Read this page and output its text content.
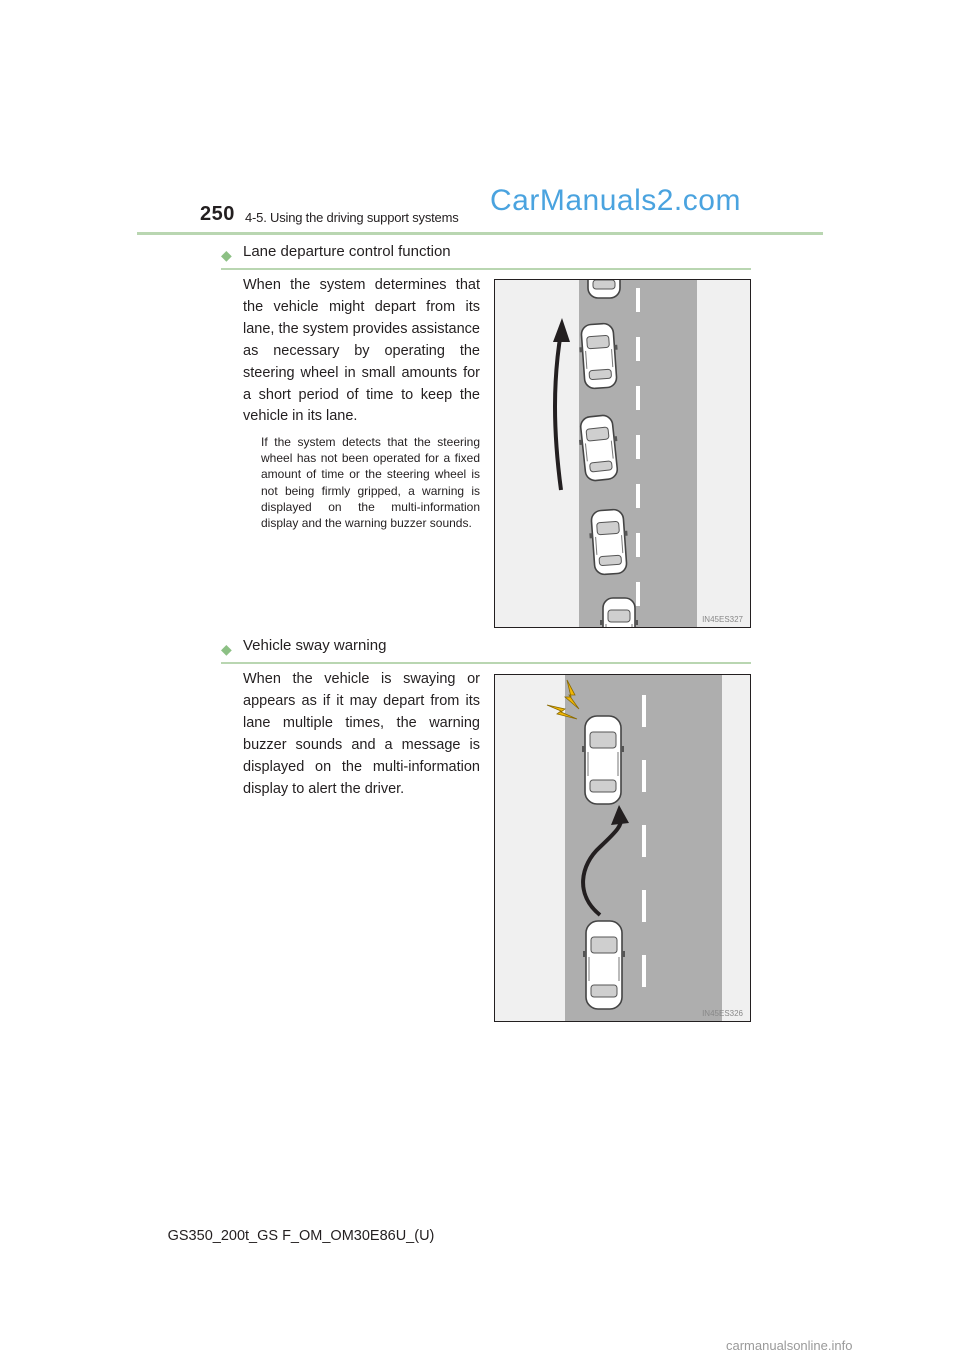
250 4-5. Using the driving support systems
CarManuals2.com
◆ Lane departure control function
When the system determines that the vehicle might depart from its lane, the system provides assistance as necessary by operating the steering wheel in small amounts for a short period of time to keep the vehicle in its lane.
If the system detects that the steering wheel has not been operated for a fixed amount of time or the steering wheel is not being firmly gripped, a warning is displayed on the multi-information display and the warning buzzer sounds.
IN45ES327
◆ Vehicle sway warning
When the vehicle is swaying or appears as if it may depart from its lane multiple times, the warning buzzer sounds and a message is displayed on the multi-information display to alert the driver.
IN45ES326
GS350_200t_GS F_OM_OM30E86U_(U)
carmanualsonline.info
